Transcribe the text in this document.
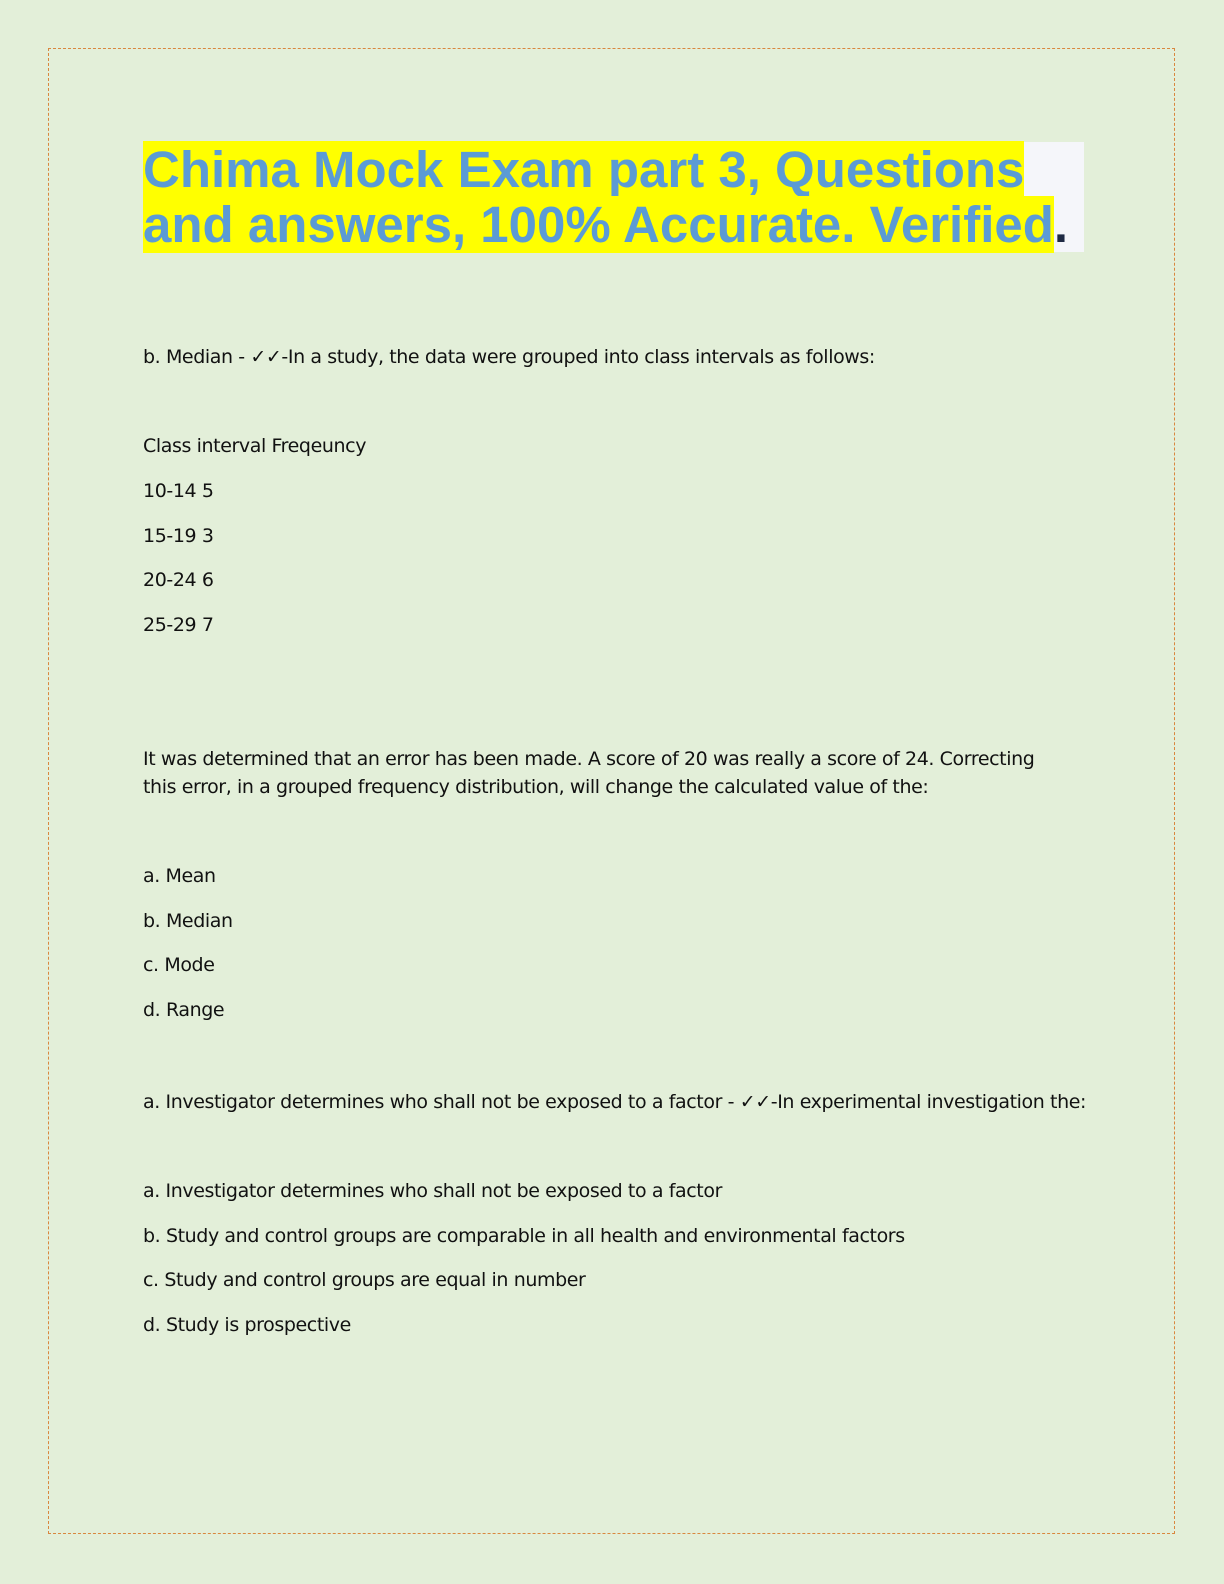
Chima Mock Exam part 3, Questions and answers, 100% Accurate. Verified.
b. Median - ✓✓-In a study, the data were grouped into class intervals as follows:
Class interval Freqeuncy
10-14 5
15-19 3
20-24 6
25-29 7
It was determined that an error has been made. A score of 20 was really a score of 24. Correcting this error, in a grouped frequency distribution, will change the calculated value of the:
a. Mean
b. Median
c. Mode
d. Range
a. Investigator determines who shall not be exposed to a factor - ✓✓-In experimental investigation the:
a. Investigator determines who shall not be exposed to a factor
b. Study and control groups are comparable in all health and environmental factors
c. Study and control groups are equal in number
d. Study is prospective
